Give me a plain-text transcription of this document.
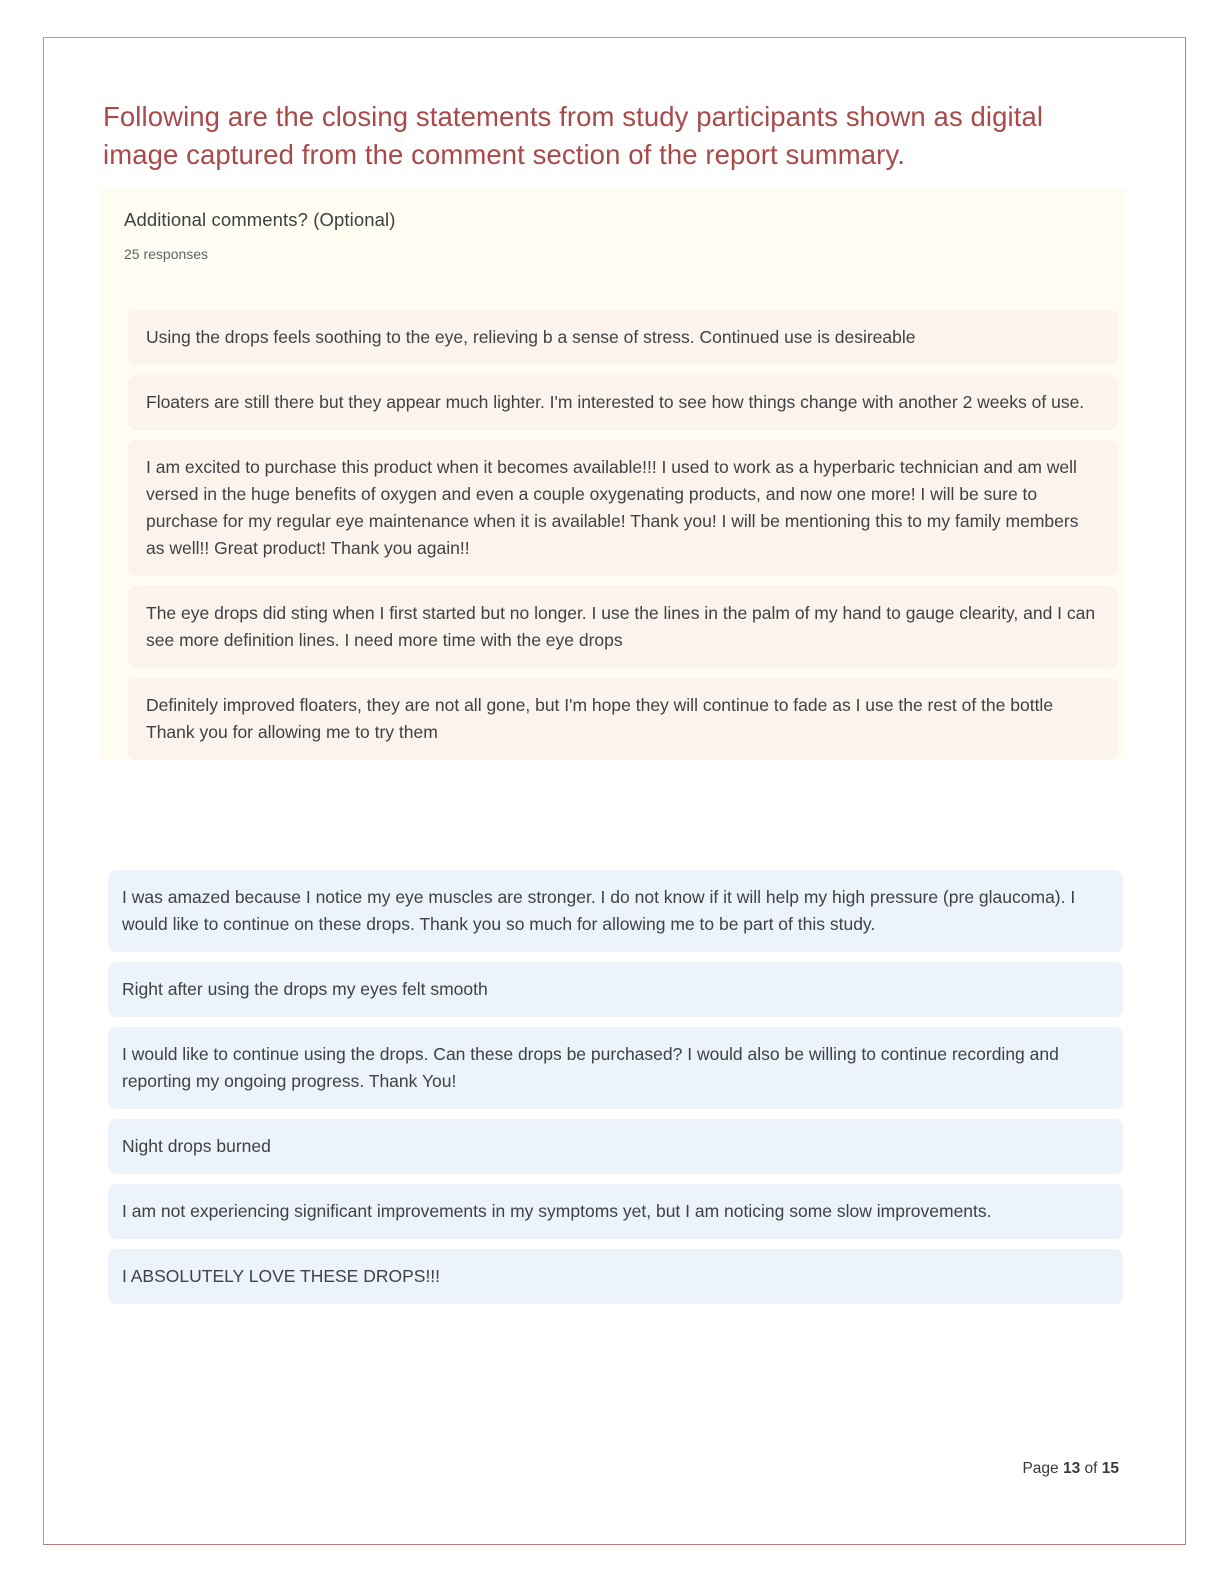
Following are the closing statements from study participants shown as digital image captured from the comment section of the report summary.
Additional comments? (Optional)
25 responses
Using the drops feels soothing to the eye, relieving b a sense of stress. Continued use is desireable
Floaters are still there but they appear much lighter. I'm interested to see how things change with another 2 weeks of use.
I am excited to purchase this product when it becomes available!!! I used to work as a hyperbaric technician and am well versed in the huge benefits of oxygen and even a couple oxygenating products, and now one more! I will be sure to purchase for my regular eye maintenance when it is available! Thank you! I will be mentioning this to my family members as well!! Great product! Thank you again!!
The eye drops did sting when I first started but no longer. I use the lines in the palm of my hand to gauge clearity, and I can see more definition lines. I need more time with the eye drops
Definitely improved floaters, they are not all gone, but I'm hope they will continue to fade as I use the rest of the bottle Thank you for allowing me to try them
I was amazed because I notice my eye muscles are stronger. I do not know if it will help my high pressure (pre glaucoma). I would like to continue on these drops. Thank you so much for allowing me to be part of this study.
Right after using the drops my eyes felt smooth
I would like to continue using the drops. Can these drops be purchased? I would also be willing to continue recording and reporting my ongoing progress. Thank You!
Night drops burned
I am not experiencing significant improvements in my symptoms yet, but I am noticing some slow improvements.
I ABSOLUTELY LOVE THESE DROPS!!!
Page 13 of 15
